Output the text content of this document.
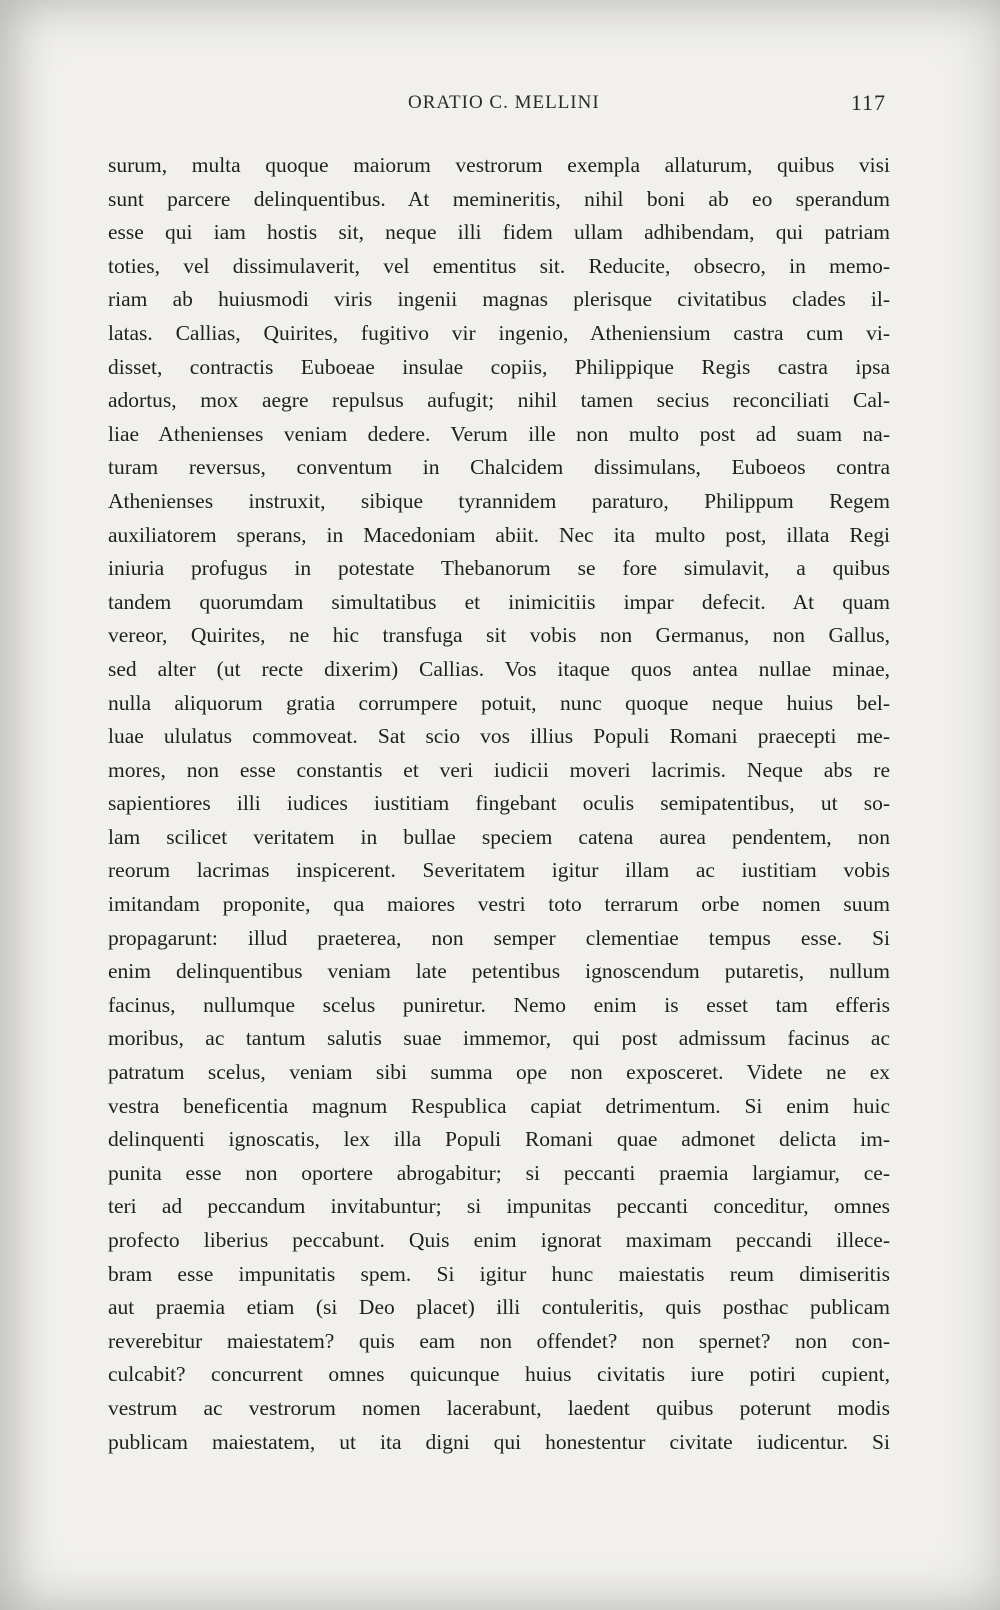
ORATIO C. MELLINI	117
surum, multa quoque maiorum vestrorum exempla allaturum, quibus visi
sunt parcere delinquentibus. At memineritis, nihil boni ab eo sperandum
esse qui iam hostis sit, neque illi fidem ullam adhibendam, qui patriam
toties, vel dissimulaverit, vel ementitus sit. Reducite, obsecro, in memo-
riam ab huiusmodi viris ingenii magnas plerisque civitatibus clades il-
latas. Callias, Quirites, fugitivo vir ingenio, Atheniensium castra cum vi-
disset, contractis Euboeae insulae copiis, Philippique Regis castra ipsa
adortus, mox aegre repulsus aufugit; nihil tamen secius reconciliati Cal-
liae Athenienses veniam dedere. Verum ille non multo post ad suam na-
turam reversus, conventum in Chalcidem dissimulans, Euboeos contra
Athenienses instruxit, sibique tyrannidem paraturo, Philippum Regem
auxiliatorem sperans, in Macedoniam abiit. Nec ita multo post, illata Regi
iniuria profugus in potestate Thebanorum se fore simulavit, a quibus
tandem quorumdam simultatibus et inimicitiis impar defecit. At quam
vereor, Quirites, ne hic transfuga sit vobis non Germanus, non Gallus,
sed alter (ut recte dixerim) Callias. Vos itaque quos antea nullae minae,
nulla aliquorum gratia corrumpere potuit, nunc quoque neque huius bel-
luae ululatus commoveat. Sat scio vos illius Populi Romani praecepti me-
mores, non esse constantis et veri iudicii moveri lacrimis. Neque abs re
sapientiores illi iudices iustitiam fingebant oculis semipatentibus, ut so-
lam scilicet veritatem in bullae speciem catena aurea pendentem, non
reorum lacrimas inspicerent. Severitatem igitur illam ac iustitiam vobis
imitandam proponite, qua maiores vestri toto terrarum orbe nomen suum
propagarunt: illud praeterea, non semper clementiae tempus esse. Si
enim delinquentibus veniam late petentibus ignoscendum putaretis, nullum
facinus, nullumque scelus puniretur. Nemo enim is esset tam efferis
moribus, ac tantum salutis suae immemor, qui post admissum facinus ac
patratum scelus, veniam sibi summa ope non exposceret. Videte ne ex
vestra beneficentia magnum Respublica capiat detrimentum. Si enim huic
delinquenti ignoscatis, lex illa Populi Romani quae admonet delicta im-
punita esse non oportere abrogabitur; si peccanti praemia largiamur, ce-
teri ad peccandum invitabuntur; si impunitas peccanti conceditur, omnes
profecto liberius peccabunt. Quis enim ignorat maximam peccandi illece-
bram esse impunitatis spem. Si igitur hunc maiestatis reum dimiseritis
aut praemia etiam (si Deo placet) illi contuleritis, quis posthac publicam
reverebitur maiestatem? quis eam non offendet? non spernet? non con-
culcabit? concurrent omnes quicunque huius civitatis iure potiri cupient,
vestrum ac vestrorum nomen lacerabunt, laedent quibus poterunt modis
publicam maiestatem, ut ita digni qui honestentur civitate iudicentur. Si
